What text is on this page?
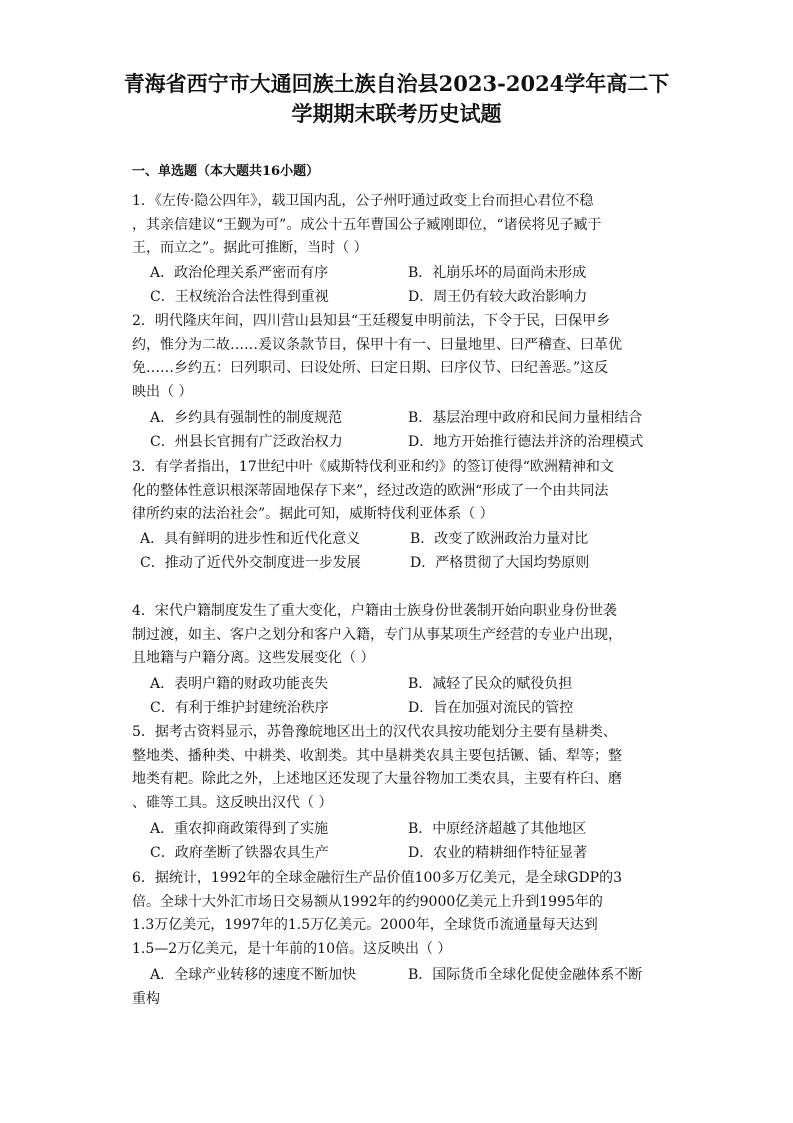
青海省西宁市大通回族土族自治县2023-2024学年高二下
学期期末联考历史试题
一、单选题（本大题共16小题）

1．《左传·隐公四年》，载卫国内乱，公子州吁通过政变上台而担心君位不稳

，其亲信建议“王觐为可”。成公十五年曹国公子臧刚即位，“诸侯将见子臧于

王，而立之”。据此可推断，当时（ ）

A．政治伦理关系严密而有序	B．礼崩乐坏的局面尚未形成
C．王权统治合法性得到重视	D．周王仍有较大政治影响力

2．明代隆庆年间，四川营山县知县“王廷稷复申明前法，下令于民，曰保甲乡

约，惟分为二故……爰议条款节目，保甲十有一、曰量地里、曰严稽查、曰革优

免……乡约五：曰列职司、曰设处所、曰定日期、曰序仪节、曰纪善恶。”这反

映出（ ）

A．乡约具有强制性的制度规范	B．基层治理中政府和民间力量相结合
C．州县长官拥有广泛政治权力	D．地方开始推行德法并济的治理模式

3．有学者指出，17世纪中叶《威斯特伐利亚和约》的签订使得“欧洲精神和文

化的整体性意识根深蒂固地保存下来”，经过改造的欧洲“形成了一个由共同法

律所约束的法治社会”。据此可知，威斯特伐利亚体系（ ）

A．具有鲜明的进步性和近代化意义	B．改变了欧洲政治力量对比
C．推动了近代外交制度进一步发展	D．严格贯彻了大国均势原则

4．宋代户籍制度发生了重大变化，户籍由士族身份世袭制开始向职业身份世袭

制过渡，如主、客户之划分和客户入籍，专门从事某项生产经营的专业户出现，

且地籍与户籍分离。这些发展变化（ ）

A．表明户籍的财政功能丧失	B．减轻了民众的赋役负担
C．有利于维护封建统治秩序	D．旨在加强对流民的管控

5．据考古资料显示，苏鲁豫皖地区出土的汉代农具按功能划分主要有垦耕类、

整地类、播种类、中耕类、收割类。其中垦耕类农具主要包括镢、锸、犁等；整

地类有耙。除此之外，上述地区还发现了大量谷物加工类农具，主要有杵臼、磨

、碓等工具。这反映出汉代（ ）

A．重农抑商政策得到了实施	B．中原经济超越了其他地区
C．政府垄断了铁器农具生产	D．农业的精耕细作特征显著

6．据统计，1992年的全球金融衍生产品价值100多万亿美元，是全球GDP的3

倍。全球十大外汇市场日交易额从1992年的约9000亿美元上升到1995年的

1.3万亿美元，1997年的1.5万亿美元。2000年，全球货币流通量每天达到

1.5—2万亿美元，是十年前的10倍。这反映出（ ）

A．全球产业转移的速度不断加快	B．国际货币全球化促使金融体系不断
重构
